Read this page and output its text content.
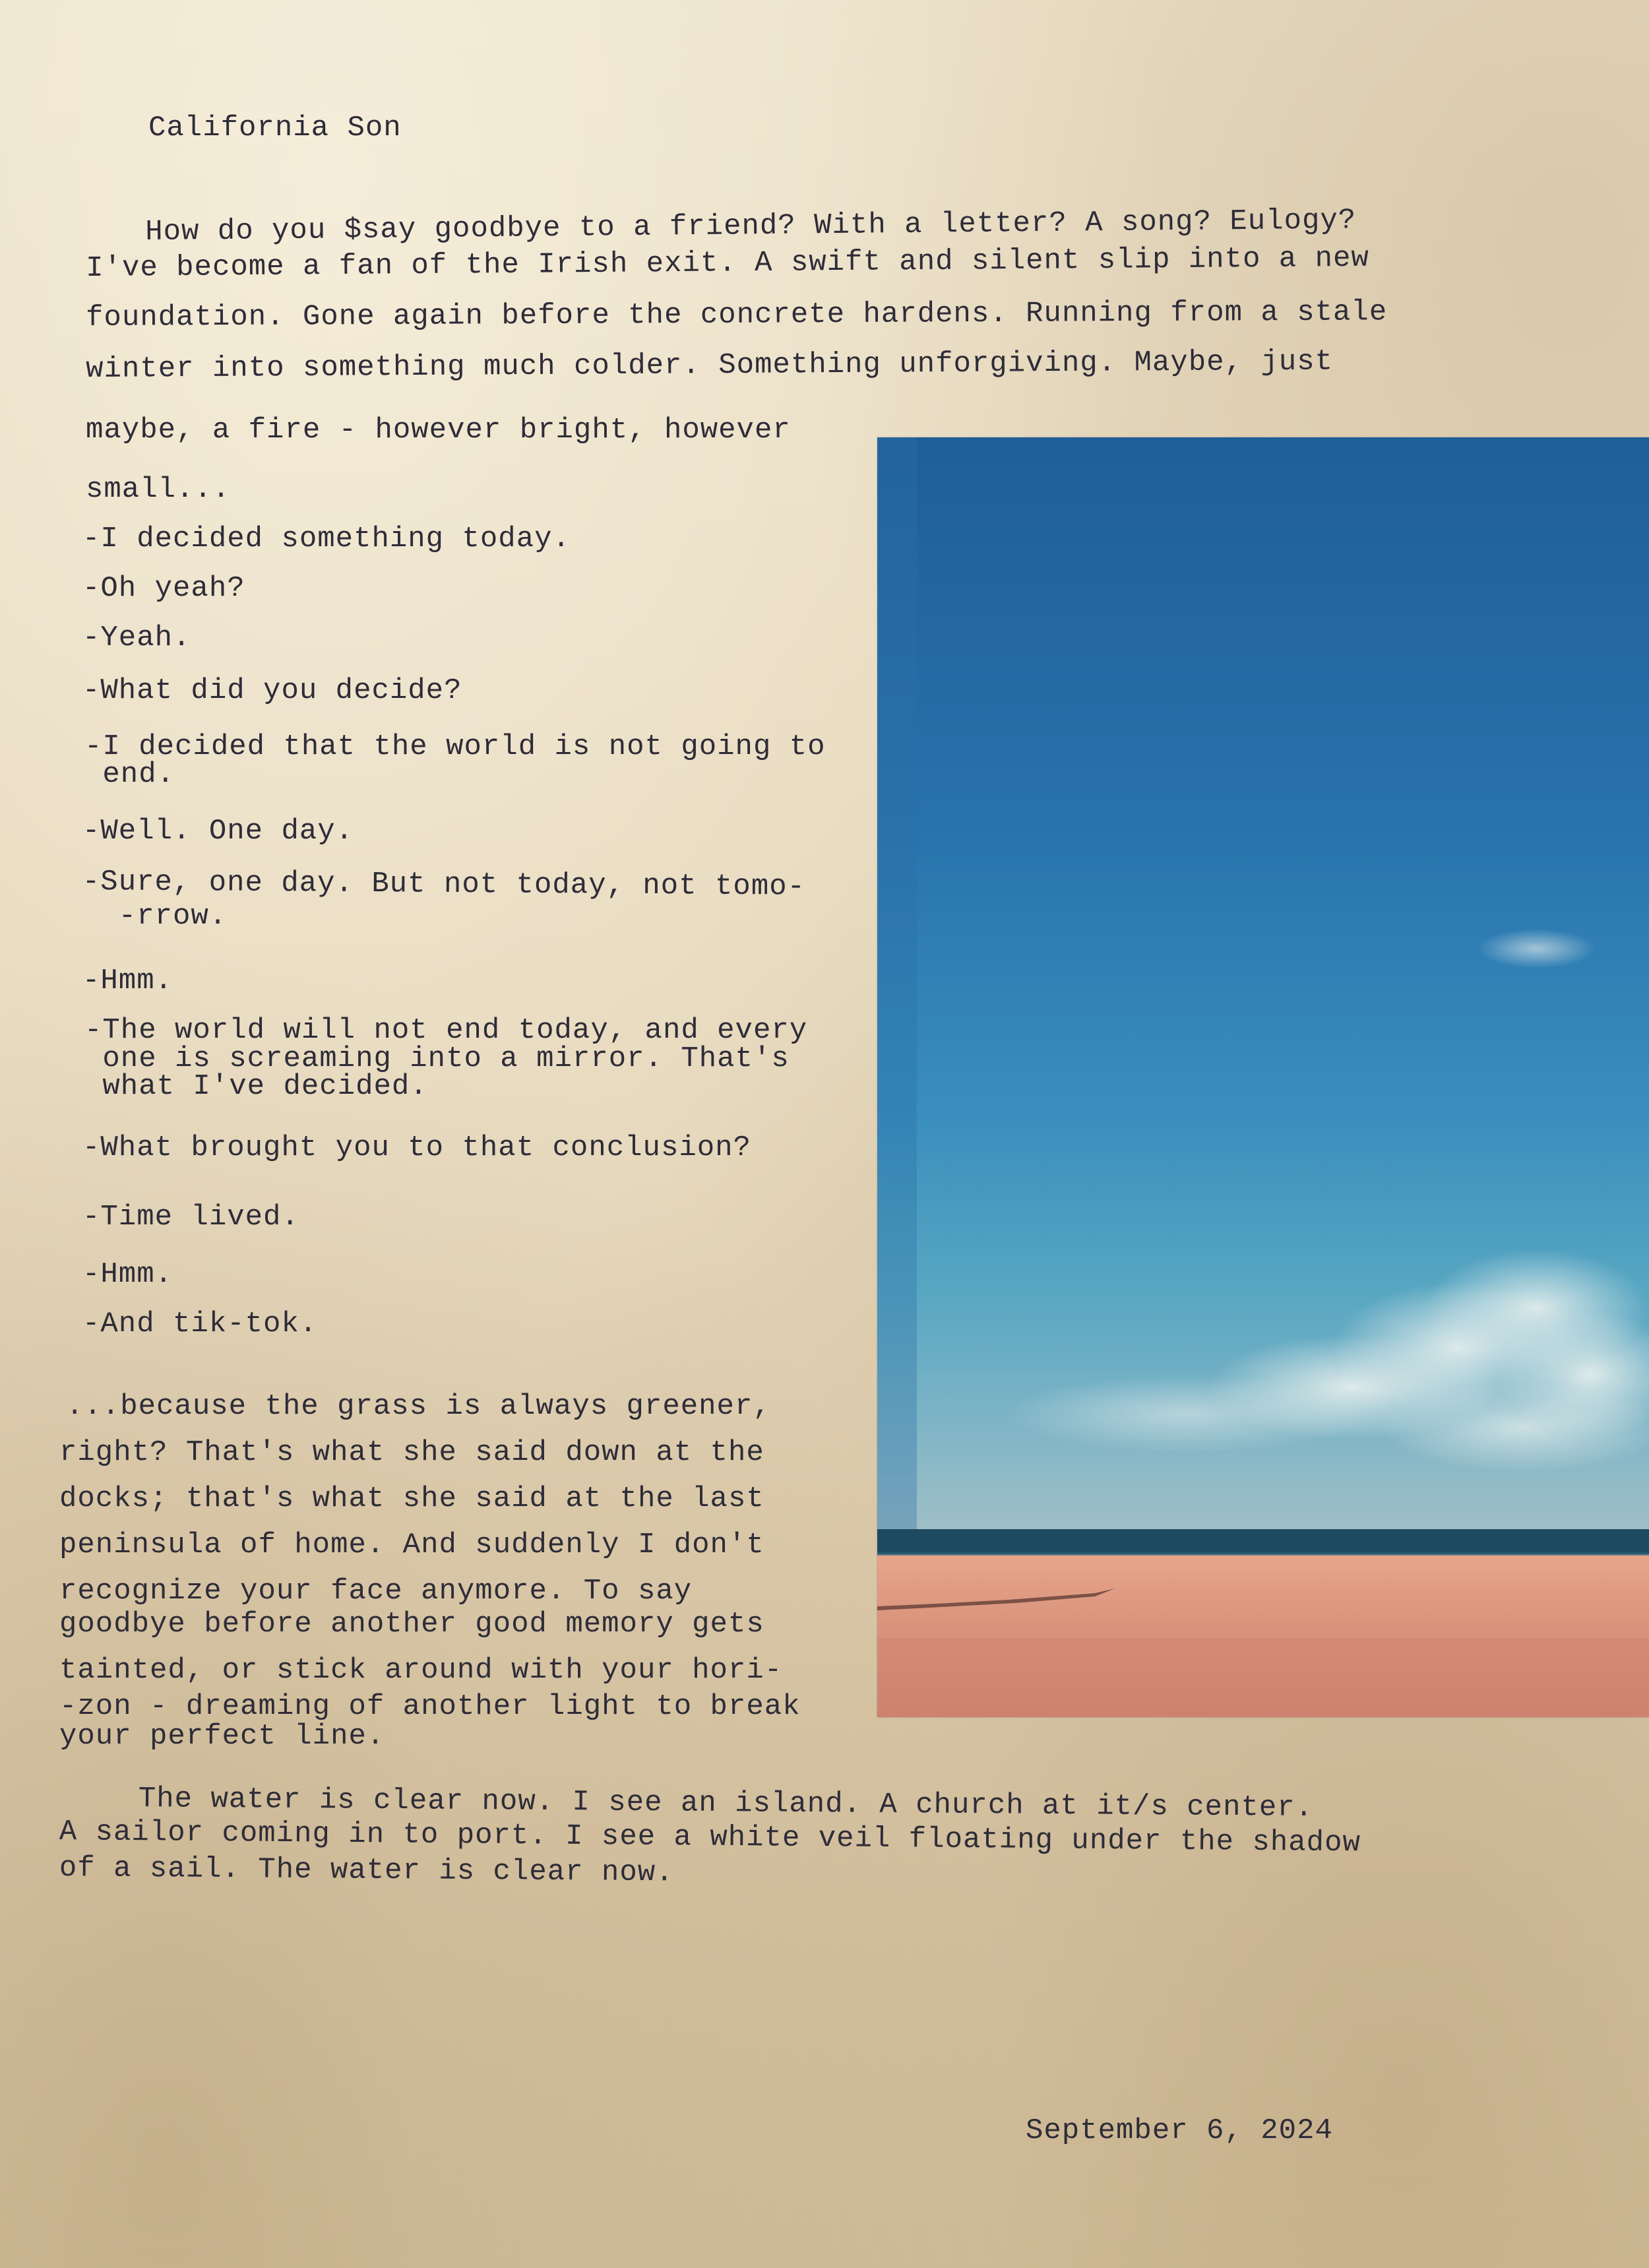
California Son
How do you $say goodbye to a friend? With a letter? A song? Eulogy?
I've become a fan of the Irish exit. A swift and silent slip into a new
foundation. Gone again before the concrete hardens. Running from a stale
winter into something much colder. Something unforgiving. Maybe, just
maybe, a fire - however bright, however
small...
-I decided something today.
-Oh yeah?
-Yeah.
-What did you decide?
-I decided that the world is not going to
end.
-Well. One day.
-Sure, one day. But not today, not tomo-
-rrow.
-Hmm.
-The world will not end today, and every
one is screaming into a mirror. That's
what I've decided.
-What brought you to that conclusion?
-Time lived.
-Hmm.
-And tik-tok.
...because the grass is always greener,
right? That's what she said down at the
docks; that's what she said at the last
peninsula of home. And suddenly I don't
recognize your face anymore. To say
goodbye before another good memory gets
tainted, or stick around with your hori-
-zon - dreaming of another light to break
your perfect line.
The water is clear now. I see an island. A church at it/s center.
A sailor coming in to port. I see a white veil floating under the shadow
of a sail. The water is clear now.
September 6, 2024
